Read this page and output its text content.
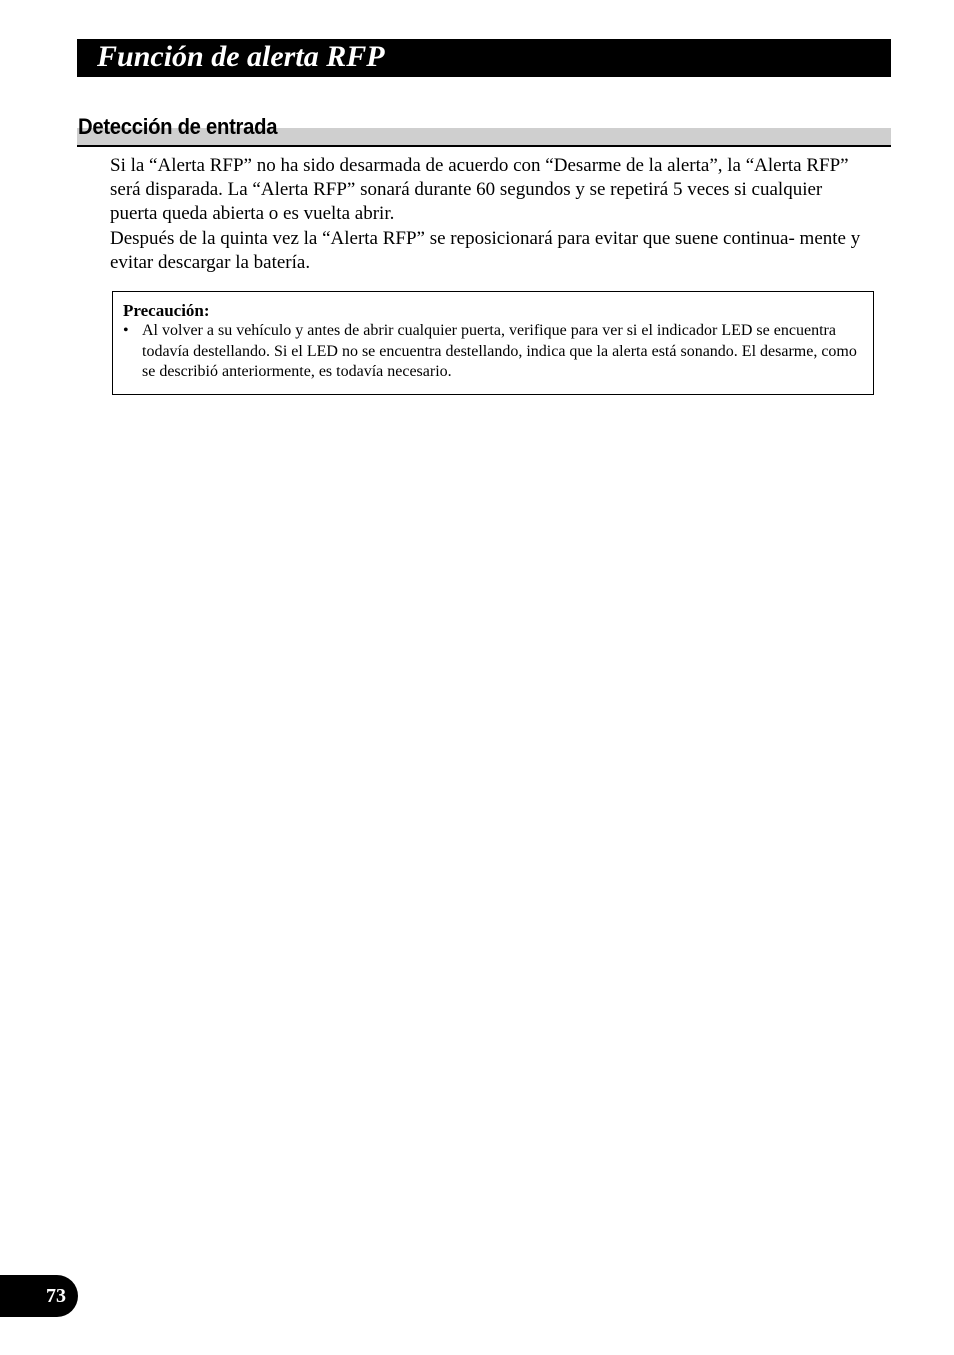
Función de alerta RFP
Detección de entrada

Si la “Alerta RFP” no ha sido desarmada de acuerdo con “Desarme de la alerta”, la “Alerta RFP” será disparada. La “Alerta RFP” sonará durante 60 segundos y se repetirá 5 veces si cualquier puerta queda abierta o es vuelta abrir.

Después de la quinta vez la “Alerta RFP” se reposicionará para evitar que suene continua- mente y evitar descargar la batería.

Precaución:
• Al volver a su vehículo y antes de abrir cualquier puerta, verifique para ver si el indicador LED se encuentra todavía destellando. Si el LED no se encuentra destellando, indica que la alerta está sonando. El desarme, como se describió anteriormente, es todavía necesario.
73
